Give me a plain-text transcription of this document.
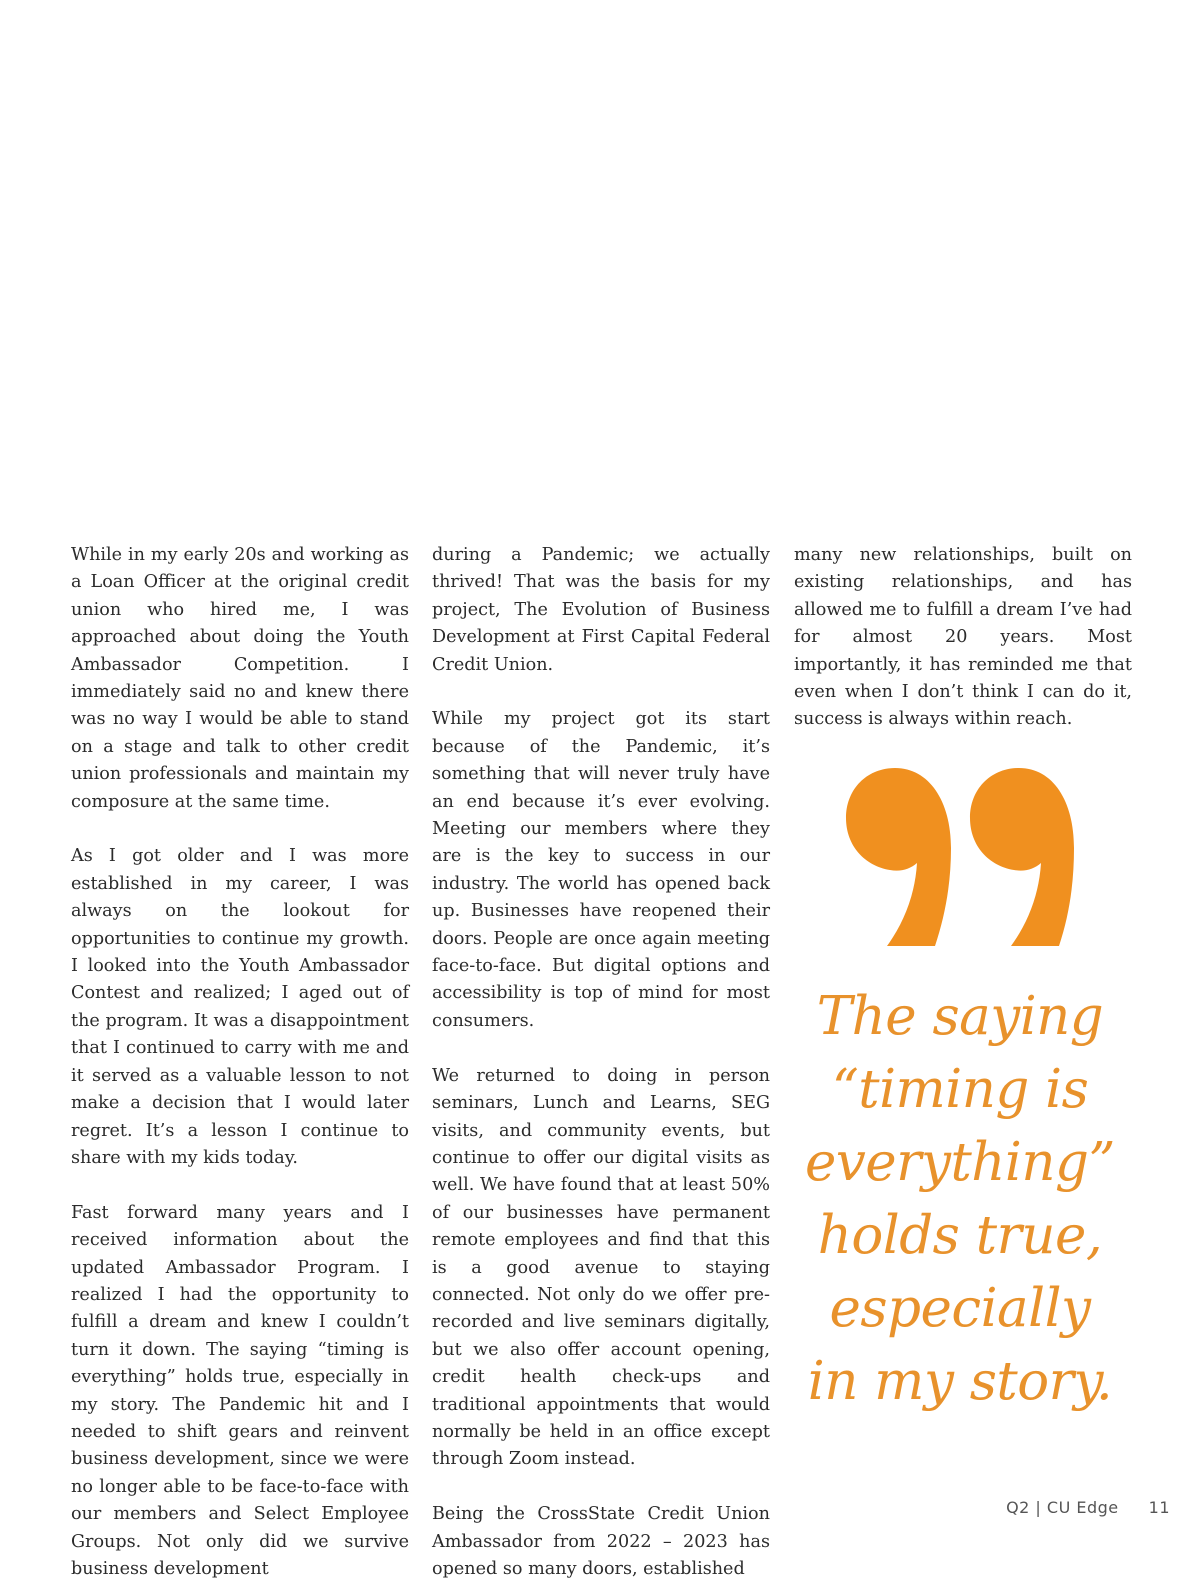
While in my early 20s and working as a Loan Officer at the original credit union who hired me, I was approached about doing the Youth Ambassador Competition. I immediately said no and knew there was no way I would be able to stand on a stage and talk to other credit union professionals and maintain my composure at the same time.

As I got older and I was more established in my career, I was always on the lookout for opportunities to continue my growth. I looked into the Youth Ambassador Contest and realized; I aged out of the program. It was a disappointment that I continued to carry with me and it served as a valuable lesson to not make a decision that I would later regret. It’s a lesson I continue to share with my kids today.

Fast forward many years and I received information about the updated Ambassador Program. I realized I had the opportunity to fulfill a dream and knew I couldn’t turn it down. The saying “timing is everything” holds true, especially in my story. The Pandemic hit and I needed to shift gears and reinvent business development, since we were no longer able to be face-to-face with our members and Select Employee Groups. Not only did we survive business development

during a Pandemic; we actually thrived! That was the basis for my project, The Evolution of Business Development at First Capital Federal Credit Union.

While my project got its start because of the Pandemic, it’s something that will never truly have an end because it’s ever evolving. Meeting our members where they are is the key to success in our industry. The world has opened back up. Businesses have reopened their doors. People are once again meeting face-to-face. But digital options and accessibility is top of mind for most consumers.

We returned to doing in person seminars, Lunch and Learns, SEG visits, and community events, but continue to offer our digital visits as well. We have found that at least 50% of our businesses have permanent remote employees and find that this is a good avenue to staying connected. Not only do we offer pre-recorded and live seminars digitally, but we also offer account opening, credit health check-ups and traditional appointments that would normally be held in an office except through Zoom instead.

Being the CrossState Credit Union Ambassador from 2022 – 2023 has opened so many doors, established

many new relationships, built on existing relationships, and has allowed me to fulfill a dream I’ve had for almost 20 years. Most importantly, it has reminded me that even when I don’t think I can do it, success is always within reach.

The saying
“timing is
everything”
holds true,
especially
in my story.
Q2 | CU Edge 11
